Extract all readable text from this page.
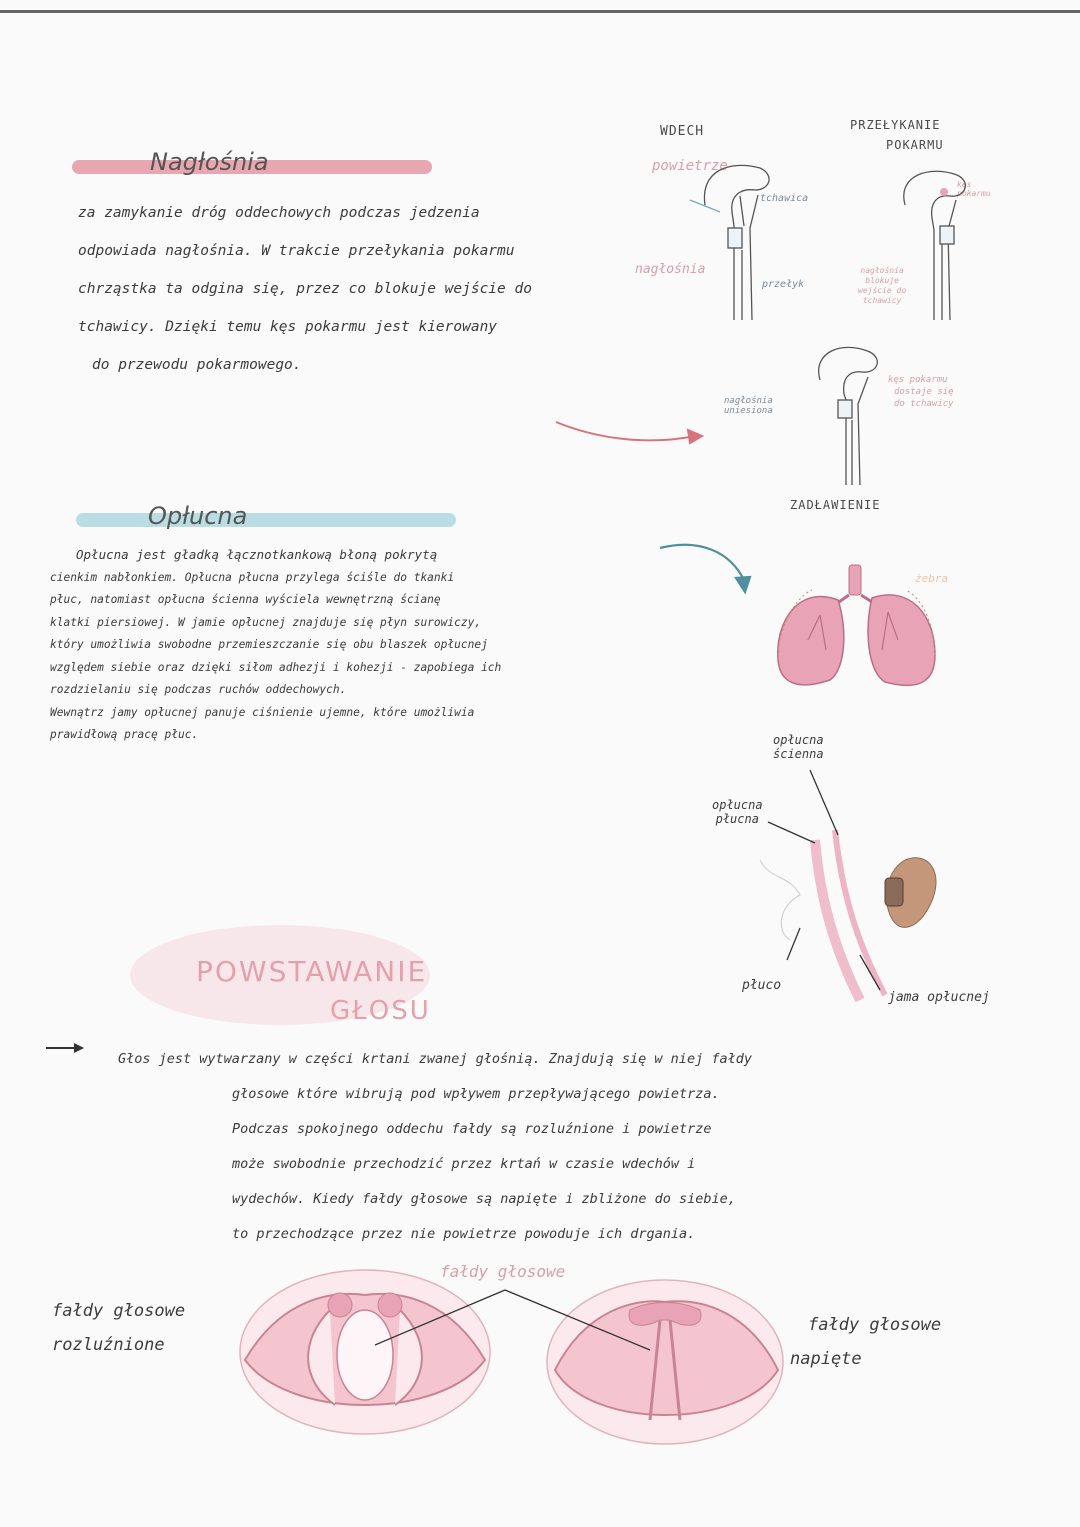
Nagłośnia
za zamykanie dróg oddechowych podczas jedzenia
odpowiada nagłośnia. W trakcie przełykania pokarmu
chrząstka ta odgina się, przez co blokuje wejście do
tchawicy. Dzięki temu kęs pokarmu jest kierowany
do przewodu pokarmowego.
WDECH	PRZEŁYKANIE
POKARMU
powietrze
nagłośnia
tchawica
przełyk
kęs
pokarmu
nagłośnia
blokuje
wejście do
tchawicy
nagłośnia
uniesiona
kęs pokarmu
dostaje się
do tchawicy
ZADŁAWIENIE
Opłucna
Opłucna jest gładką łącznotkankową błoną pokrytą
cienkim nabłonkiem. Opłucna płucna przylega ściśle do tkanki
płuc, natomiast opłucna ścienna wyściela wewnętrzną ścianę
klatki piersiowej. W jamie opłucnej znajduje się płyn surowiczy,
który umożliwia swobodne przemieszczanie się obu blaszek opłucnej
względem siebie oraz dzięki siłom adhezji i kohezji - zapobiega ich
rozdzielaniu się podczas ruchów oddechowych.
Wewnątrz jamy opłucnej panuje ciśnienie ujemne, które umożliwia
prawidłową pracę płuc.
żebra
opłucna
ścienna
opłucna
płucna
płuco
jama opłucnej
POWSTAWANIE
GŁOSU
Głos jest wytwarzany w części krtani zwanej głośnią. Znajdują się w niej fałdy
głosowe które wibrują pod wpływem przepływającego powietrza.
Podczas spokojnego oddechu fałdy są rozluźnione i powietrze
może swobodnie przechodzić przez krtań w czasie wdechów i
wydechów. Kiedy fałdy głosowe są napięte i zbliżone do siebie,
to przechodzące przez nie powietrze powoduje ich drgania.
fałdy głosowe
fałdy głosowe
rozluźnione
fałdy głosowe
napięte
